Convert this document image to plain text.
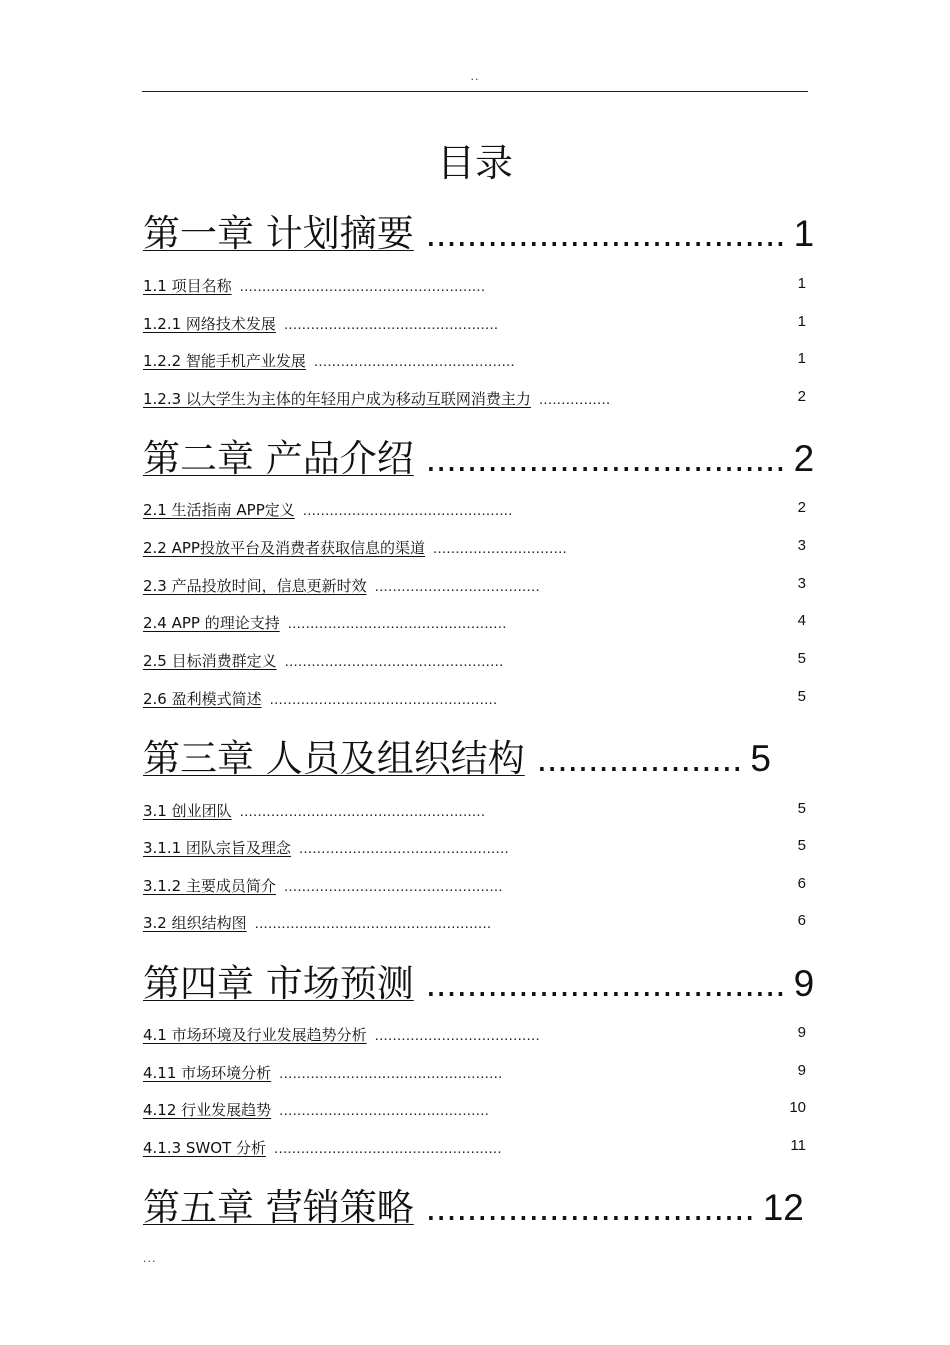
..
目录
第一章 计划摘要 ................................... 1
1.1 项目名称 .......................................................	1
1.2.1 网络技术发展 ................................................	1
1.2.2 智能手机产业发展 .............................................	1
1.2.3 以大学生为主体的年轻用户成为移动互联网消费主力 ................	2
第二章 产品介绍 ................................... 2
2.1 生活指南 APP定义 ...............................................	2
2.2 APP投放平台及消费者获取信息的渠道 ..............................	3
2.3 产品投放时间，信息更新时效 .....................................	3
2.4 APP 的理论支持 .................................................	4
2.5 目标消费群定义 .................................................	5
2.6 盈利模式简述 ...................................................	5
第三章 人员及组织结构 .................... 5
3.1 创业团队 .......................................................	5
3.1.1 团队宗旨及理念 ...............................................	5
3.1.2 主要成员简介 .................................................	6
3.2 组织结构图 .....................................................	6
第四章 市场预测 ................................... 9
4.1 市场环境及行业发展趋势分析 .....................................	9
4.11 市场环境分析 ..................................................	9
4.12 行业发展趋势 ...............................................	10
4.1.3 SWOT 分析 ...................................................	11
第五章 营销策略 ................................ 12
...
